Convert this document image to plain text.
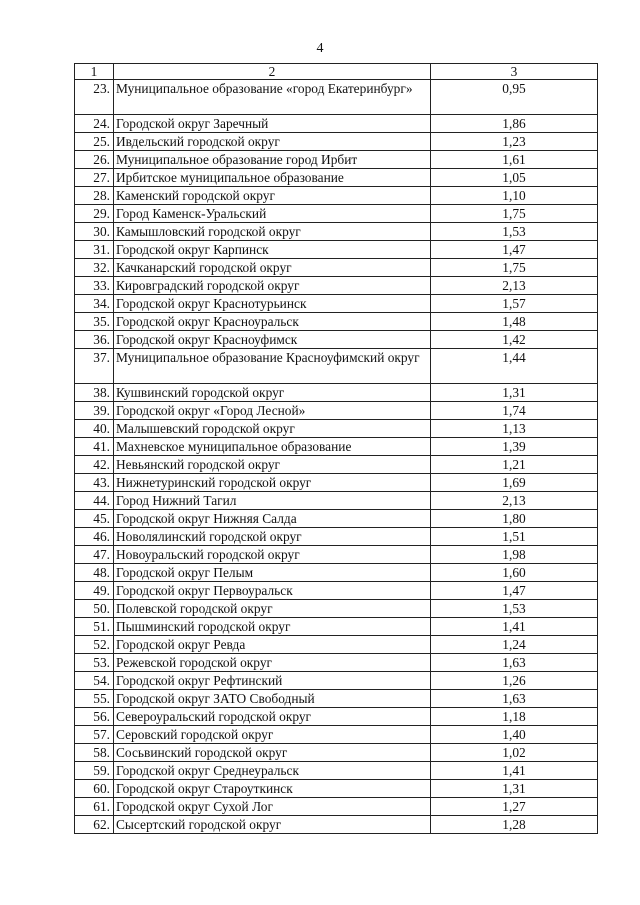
4
1	2	3
23.	Муниципальное образование «город Екатеринбург»	0,95
24.	Городской округ Заречный	1,86
25.	Ивдельский городской округ	1,23
26.	Муниципальное образование город Ирбит	1,61
27.	Ирбитское муниципальное образование	1,05
28.	Каменский городской округ	1,10
29.	Город Каменск-Уральский	1,75
30.	Камышловский городской округ	1,53
31.	Городской округ Карпинск	1,47
32.	Качканарский городской округ	1,75
33.	Кировградский городской округ	2,13
34.	Городской округ Краснотурьинск	1,57
35.	Городской округ Красноуральск	1,48
36.	Городской округ Красноуфимск	1,42
37.	Муниципальное образование Красноуфимский округ	1,44
38.	Кушвинский городской округ	1,31
39.	Городской округ «Город Лесной»	1,74
40.	Малышевский городской округ	1,13
41.	Махневское муниципальное образование	1,39
42.	Невьянский городской округ	1,21
43.	Нижнетуринский городской округ	1,69
44.	Город Нижний Тагил	2,13
45.	Городской округ Нижняя Салда	1,80
46.	Новолялинский городской округ	1,51
47.	Новоуральский городской округ	1,98
48.	Городской округ Пелым	1,60
49.	Городской округ Первоуральск	1,47
50.	Полевской городской округ	1,53
51.	Пышминский городской округ	1,41
52.	Городской округ Ревда	1,24
53.	Режевской городской округ	1,63
54.	Городской округ Рефтинский	1,26
55.	Городской округ ЗАТО Свободный	1,63
56.	Североуральский городской округ	1,18
57.	Серовский городской округ	1,40
58.	Сосьвинский городской округ	1,02
59.	Городской округ Среднеуральск	1,41
60.	Городской округ Староуткинск	1,31
61.	Городской округ Сухой Лог	1,27
62.	Сысертский городской округ	1,28
